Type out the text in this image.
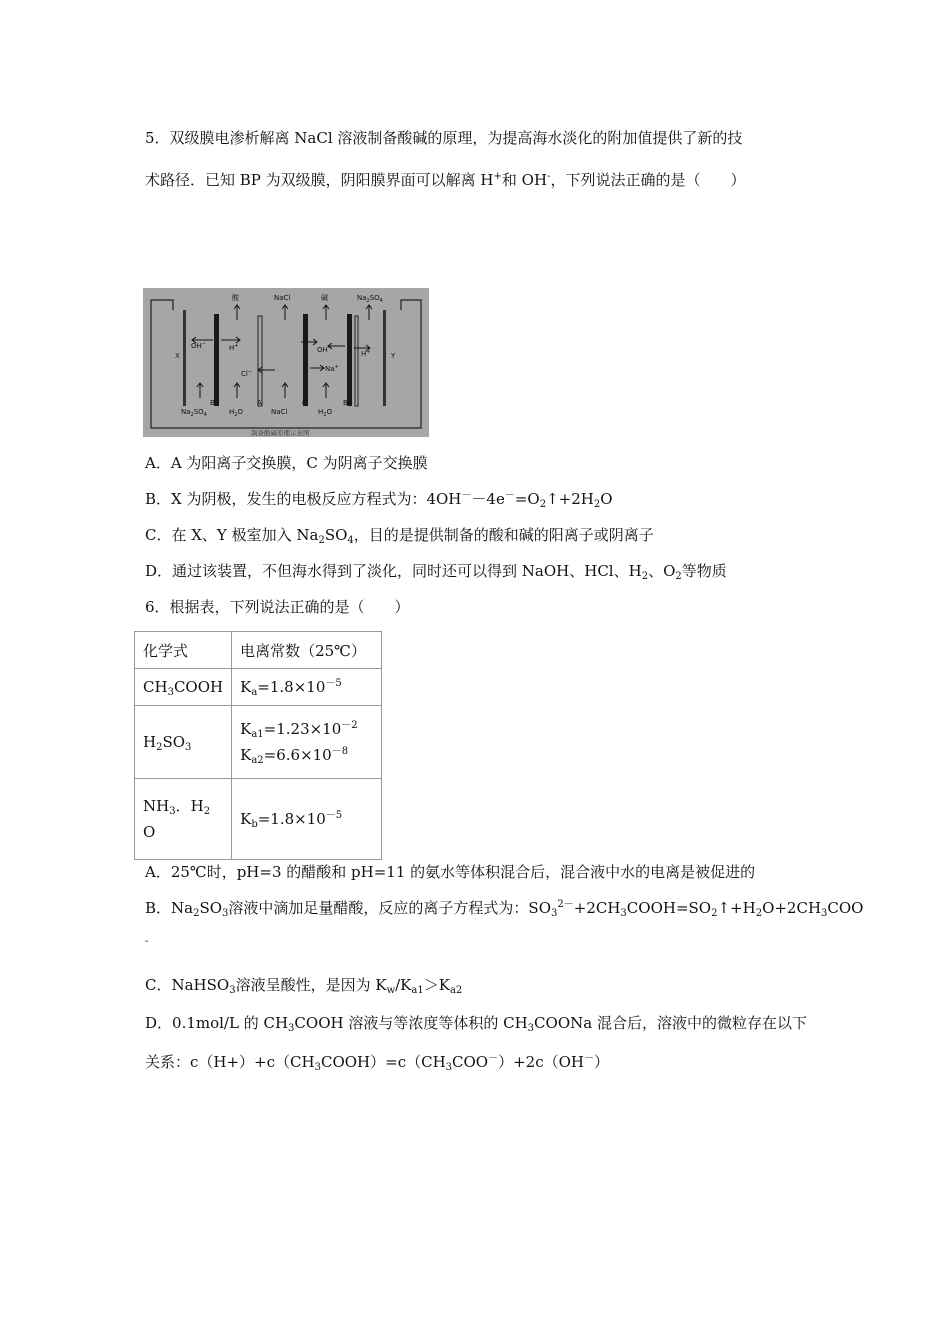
5．双级膜电渗析解离 NaCl 溶液制备酸碱的原理，为提高海水淡化的附加值提供了新的技
术路径．已知 BP 为双级膜，阴阳膜界面可以解离 H+和 OH-，下列说法正确的是（　　）
酸	NaCl	碱	$Na_2SO_4$
X	Y
OH−	H+
Cl−
OH−
Na+
H+
BP	A	C	BP
$Na_2SO_4$	$H_2O$	NaCl	$H_2O$
制备酸碱原理示意图
A．A 为阳离子交换膜，C 为阴离子交换膜
B．X 为阴极，发生的电极反应方程式为：$4OH^--4e^-=O_2↑+2H_2O$
C．在 X、Y 极室加入 $Na_2SO_4$，目的是提供制备的酸和碱的阳离子或阴离子
D．通过该装置，不但海水得到了淡化，同时还可以得到 NaOH、HCl、$H_2$、$O_2$等物质
6．根据表，下列说法正确的是（　　）
化学式	电离常数（25℃）
$CH_3COOH$	$K_a=1.8\times 10^{-5}$
$H_2SO_3$	$K_{a1}=1.23\times 10^{-2}$
$K_{a2}=6.6\times 10^{-8}$

$NH_3$．$H_2$
O	$K_b=1.8\times 10^{-5}$
A．25℃时，pH=3 的醋酸和 pH=11 的氨水等体积混合后，混合液中水的电离是被促进的
B．$Na_2SO_3$溶液中滴加足量醋酸，反应的离子方程式为：$SO_3^{2-}+2CH_3COOH=SO_2↑+H_2O+2CH_3COO$
-
C．NaHSO$_3$溶液呈酸性，是因为 $K_w/K_{a1}>K_{a2}$
D．0.1mol/L 的 $CH_3COOH$ 溶液与等浓度等体积的 $CH_3COONa$ 混合后，溶液中的微粒存在以下
关系：$c(H+)+c(CH_3COOH)=c(CH_3COO^-)+2c(OH^-)$
